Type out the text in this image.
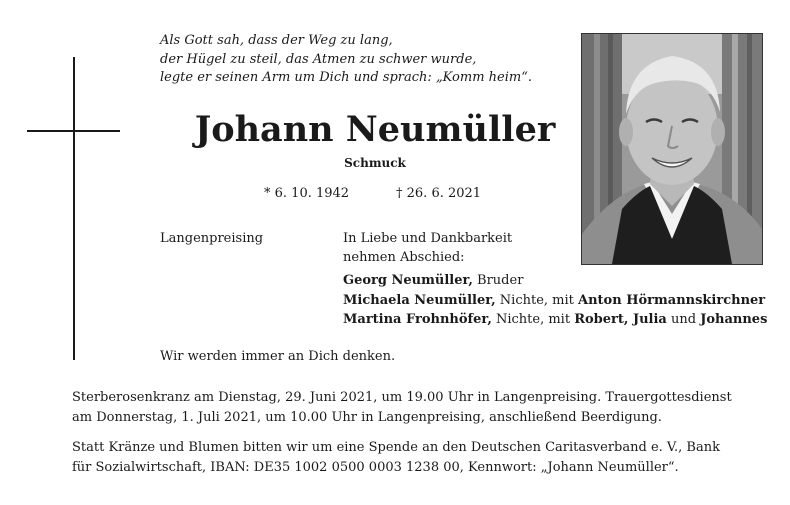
Als Gott sah, dass der Weg zu lang,
der Hügel zu steil, das Atmen zu schwer wurde,
legte er seinen Arm um Dich und sprach: „Komm heim“.
Johann Neumüller
Schmuck
* 6. 10. 1942	† 26. 6. 2021
Langenpreising	In Liebe und Dankbarkeit
nehmen Abschied:
Georg Neumüller, Bruder
Michaela Neumüller, Nichte, mit Anton Hörmannskirchner
Martina Frohnhöfer, Nichte, mit Robert, Julia und Johannes
Wir werden immer an Dich denken.
Sterberosenkranz am Dienstag, 29. Juni 2021, um 19.00 Uhr in Langenpreising. Trauergottesdienst
am Donnerstag, 1. Juli 2021, um 10.00 Uhr in Langenpreising, anschließend Beerdigung.
Statt Kränze und Blumen bitten wir um eine Spende an den Deutschen Caritasverband e. V., Bank
für Sozialwirtschaft, IBAN: DE35 1002 0500 0003 1238 00, Kennwort: „Johann Neumüller“.
